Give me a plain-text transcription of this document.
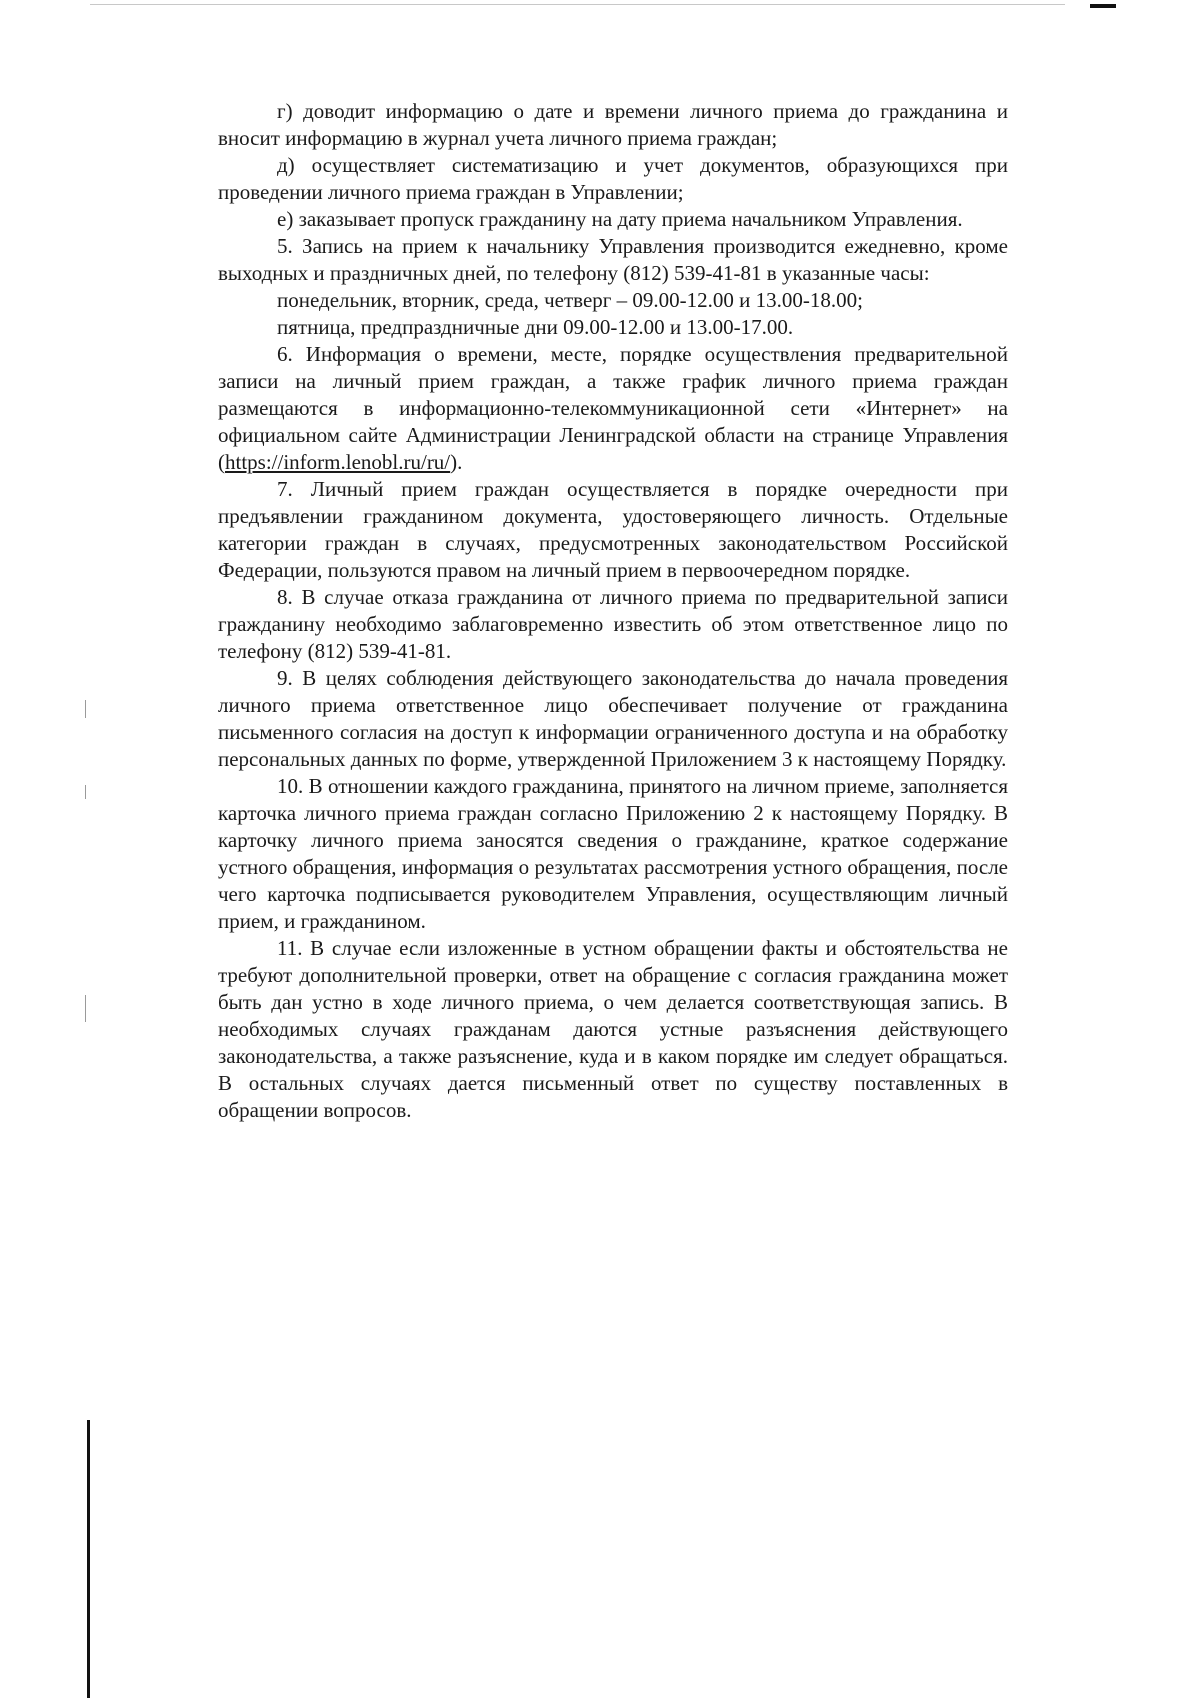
г) доводит информацию о дате и времени личного приема до гражданина и вносит информацию в журнал учета личного приема граждан;

д) осуществляет систематизацию и учет документов, образующихся при проведении личного приема граждан в Управлении;

е) заказывает пропуск гражданину на дату приема начальником Управления.

5. Запись на прием к начальнику Управления производится ежедневно, кроме выходных и праздничных дней, по телефону (812) 539-41-81 в указанные часы:

понедельник, вторник, среда, четверг – 09.00-12.00 и 13.00-18.00;

пятница, предпраздничные дни 09.00-12.00 и 13.00-17.00.

6. Информация о времени, месте, порядке осуществления предварительной записи на личный прием граждан, а также график личного приема граждан размещаются в информационно-телекоммуникационной сети «Интернет» на официальном сайте Администрации Ленинградской области на странице Управления (https://inform.lenobl.ru/ru/).

7. Личный прием граждан осуществляется в порядке очередности при предъявлении гражданином документа, удостоверяющего личность. Отдельные категории граждан в случаях, предусмотренных законодательством Российской Федерации, пользуются правом на личный прием в первоочередном порядке.

8. В случае отказа гражданина от личного приема по предварительной записи гражданину необходимо заблаговременно известить об этом ответственное лицо по телефону (812) 539-41-81.

9. В целях соблюдения действующего законодательства до начала проведения личного приема ответственное лицо обеспечивает получение от гражданина письменного согласия на доступ к информации ограниченного доступа и на обработку персональных данных по форме, утвержденной Приложением 3 к настоящему Порядку.

10. В отношении каждого гражданина, принятого на личном приеме, заполняется карточка личного приема граждан согласно Приложению 2 к настоящему Порядку. В карточку личного приема заносятся сведения о гражданине, краткое содержание устного обращения, информация о результатах рассмотрения устного обращения, после чего карточка подписывается руководителем Управления, осуществляющим личный прием, и гражданином.

11. В случае если изложенные в устном обращении факты и обстоятельства не требуют дополнительной проверки, ответ на обращение с согласия гражданина может быть дан устно в ходе личного приема, о чем делается соответствующая запись. В необходимых случаях гражданам даются устные разъяснения действующего законодательства, а также разъяснение, куда и в каком порядке им следует обращаться. В остальных случаях дается письменный ответ по существу поставленных в обращении вопросов.
